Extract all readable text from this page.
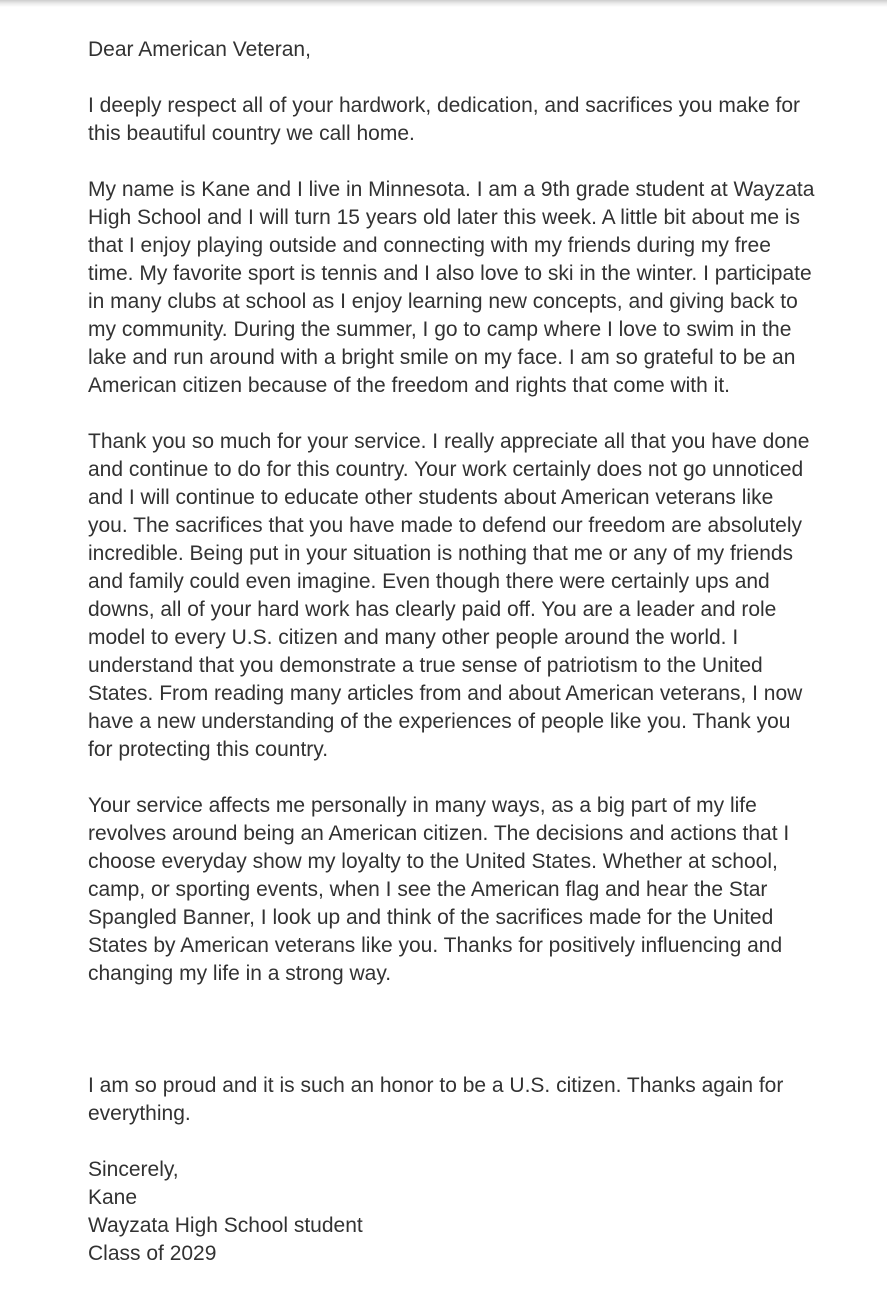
Dear American Veteran,

I deeply respect all of your hardwork, dedication, and sacrifices you make for this beautiful country we call home.

My name is Kane and I live in Minnesota. I am a 9th grade student at Wayzata High School and I will turn 15 years old later this week. A little bit about me is that I enjoy playing outside and connecting with my friends during my free time. My favorite sport is tennis and I also love to ski in the winter. I participate in many clubs at school as I enjoy learning new concepts, and giving back to my community. During the summer, I go to camp where I love to swim in the lake and run around with a bright smile on my face. I am so grateful to be an American citizen because of the freedom and rights that come with it.

Thank you so much for your service. I really appreciate all that you have done and continue to do for this country. Your work certainly does not go unnoticed and I will continue to educate other students about American veterans like you. The sacrifices that you have made to defend our freedom are absolutely incredible. Being put in your situation is nothing that me or any of my friends and family could even imagine. Even though there were certainly ups and downs, all of your hard work has clearly paid off. You are a leader and role model to every U.S. citizen and many other people around the world. I understand that you demonstrate a true sense of patriotism to the United States. From reading many articles from and about American veterans, I now have a new understanding of the experiences of people like you. Thank you for protecting this country.

Your service affects me personally in many ways, as a big part of my life revolves around being an American citizen. The decisions and actions that I choose everyday show my loyalty to the United States. Whether at school, camp, or sporting events, when I see the American flag and hear the Star Spangled Banner, I look up and think of the sacrifices made for the United States by American veterans like you. Thanks for positively influencing and changing my life in a strong way.

I am so proud and it is such an honor to be a U.S. citizen. Thanks again for everything.

Sincerely,

Kane

Wayzata High School student

Class of 2029
